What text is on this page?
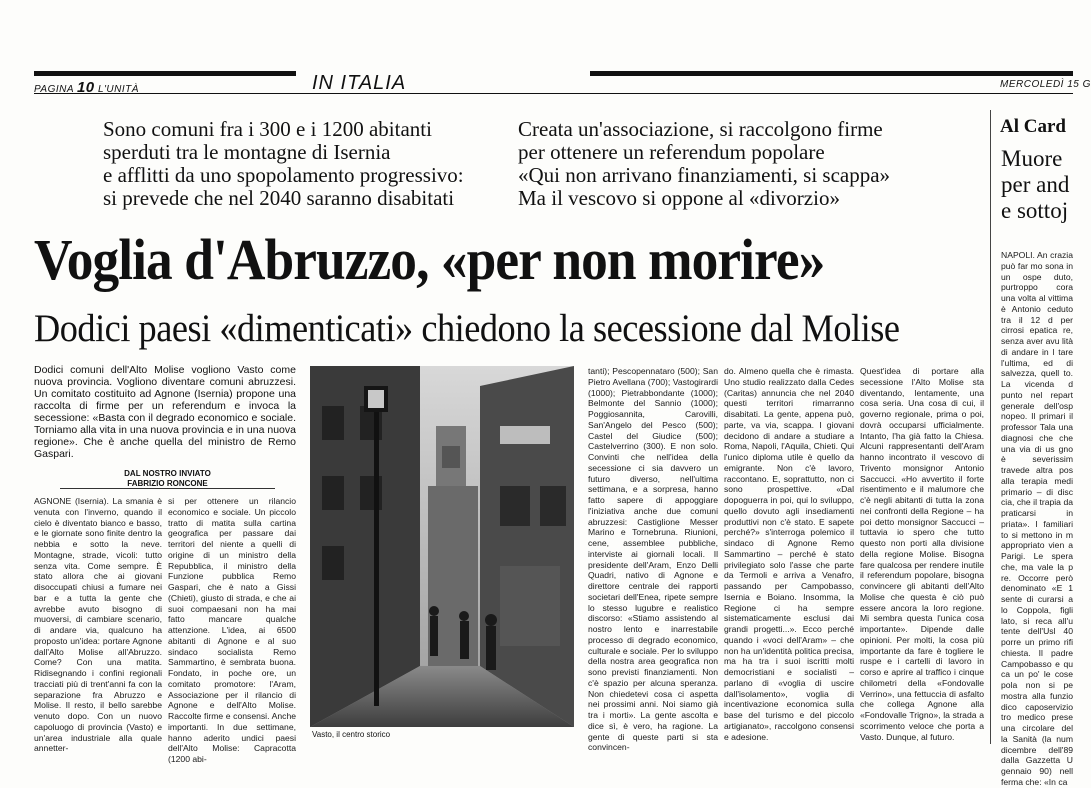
PAGINA 10 L'UNITÀ	IN ITALIA	MERCOLEDÌ 15 G
Sono comuni fra i 300 e i 1200 abitanti
sperduti tra le montagne di Isernia
e afflitti da uno spopolamento progressivo:
si prevede che nel 2040 saranno disabitati
Creata un'associazione, si raccolgono firme
per ottenere un referendum popolare
«Qui non arrivano finanziamenti, si scappa»
Ma il vescovo si oppone al «divorzio»
Al Card
Muore
per and
e sottoj

NAPOLI. An crazia può far mo sona in un ospe duto, purtroppo cora una volta al vittima è Antonio ceduto tra il 12 d per cirrosi epatica re, senza aver avu lità di andare in l tare l'ultima, ed di salvezza, quell to. La vicenda d punto nel repart generale dell'osp nopeo. Il primari il professor Tala una diagnosi che che una via di us gno è severissim travede altra pos alla terapia medi primario – di disc cia, che il trapia da praticarsi in priata». I familiari to si mettono in m appropriato vien a Parigi. Le spera che, ma vale la p re. Occorre però denominato «E 1 sente di curarsi a lo Coppola, figli lato, si reca all'u tente dell'Usl 40 porre un primo rifi chiesta. Il padre Campobasso e qu ca un po' le cose pola non si pe mostra alla funzio dico caposervizio tro medico prese una circolare del la Sanità (la num dicembre dell'89 dalla Gazzetta U gennaio 90) nell ferma che: «In ca

Voglia d'Abruzzo, «per non morire»
Dodici paesi «dimenticati» chiedono la secessione dal Molise
Dodici comuni dell'Alto Molise vogliono Vasto come nuova provincia. Vogliono diventare comuni abruzzesi. Un comitato costituito ad Agnone (Isernia) propone una raccolta di firme per un referendum e invoca la secessione: «Basta con il degrado economico e sociale. Torniamo alla vita in una nuova provincia e in una nuova regione». Che è anche quella del ministro de Remo Gaspari.
DAL NOSTRO INVIATO
FABRIZIO RONCONE

AGNONE (Isernia). La smania è venuta con l'inverno, quando il cielo è diventato bianco e basso, e le giornate sono finite dentro la nebbia e sotto la neve. Montagne, strade, vicoli: tutto senza vita. Come sempre. È stato allora che ai giovani disoccupati chiusi a fumare nei bar e a tutta la gente che avrebbe avuto bisogno di muoversi, di cambiare scenario, di andare via, qualcuno ha proposto un'idea: portare Agnone dall'Alto Molise all'Abruzzo. Come? Con una matita. Ridisegnando i confini regionali tracciati più di trent'anni fa con la separazione fra Abruzzo e Molise. Il resto, il bello sarebbe venuto dopo. Con un nuovo capoluogo di provincia (Vasto) e un'area industriale alla quale annetter-

si per ottenere un rilancio economico e sociale. Un piccolo tratto di matita sulla cartina geografica per passare dai territori del niente a quelli di origine di un ministro della Repubblica, il ministro della Funzione pubblica Remo Gaspari, che è nato a Gissi (Chieti), giusto di strada, e che ai suoi compaesani non ha mai fatto mancare qualche attenzione. L'idea, ai 6500 abitanti di Agnone e al suo sindaco socialista Remo Sammartino, è sembrata buona. Fondato, in poche ore, un comitato promotore: l'Aram, Associazione per il rilancio di Agnone e dell'Alto Molise. Raccolte firme e consensi. Anche importanti. In due settimane, hanno aderito undici paesi dell'Alto Molise: Capracotta (1200 abi-

tanti); Pescopennataro (500); San Pietro Avellana (700); Vastogirardi (1000); Pietrabbondante (1000); Belmonte del Sannio (1000); Poggiosannita, Carovilli, San'Angelo del Pesco (500); Castel del Giudice (500); Castelverrino (300). E non solo. Convinti che nell'idea della secessione ci sia davvero un futuro diverso, nell'ultima settimana, e a sorpresa, hanno fatto sapere di appoggiare l'iniziativa anche due comuni abruzzesi: Castiglione Messer Marino e Tornebruna. Riunioni, cene, assemblee pubbliche, interviste ai giornali locali. Il presidente dell'Aram, Enzo Delli Quadri, nativo di Agnone e direttore centrale dei rapporti societari dell'Enea, ripete sempre lo stesso lugubre e realistico discorso: «Stiamo assistendo al nostro lento e inarrestabile processo di degrado economico, culturale e sociale. Per lo sviluppo della nostra area geografica non sono previsti finanziamenti. Non c'è spazio per alcuna speranza. Non chiedetevi cosa ci aspetta nei prossimi anni. Noi siamo già tra i morti». La gente ascolta e dice sì, è vero, ha ragione. La gente di queste parti si sta convincen-

do. Almeno quella che è rimasta. Uno studio realizzato dalla Cedes (Caritas) annuncia che nel 2040 questi territori rimarranno disabitati. La gente, appena può, parte, va via, scappa. I giovani decidono di andare a studiare a Roma, Napoli, l'Aquila, Chieti. Qui l'unico diploma utile è quello da emigrante. Non c'è lavoro, raccontano. E, soprattutto, non ci sono prospettive. «Dal dopoguerra in poi, qui lo sviluppo, quello dovuto agli insediamenti produttivi non c'è stato. E sapete perché?» s'interroga polemico il sindaco di Agnone Remo Sammartino – perché è stato privilegiato solo l'asse che parte da Termoli e arriva a Venafro, passando per Campobasso, Isernia e Boiano. Insomma, la Regione ci ha sempre sistematicamente esclusi dai grandi progetti...». Ecco perché quando i «voci dell'Aram» – che non ha un'identità politica precisa, ma ha tra i suoi iscritti molti democristiani e socialisti – parlano di «voglia di uscire dall'isolamento», voglia di incentivazione economica sulla base del turismo e del piccolo artigianato», raccolgono consensi e adesione.

Quest'idea di portare alla secessione l'Alto Molise sta diventando, lentamente, una cosa seria. Una cosa di cui, il governo regionale, prima o poi, dovrà occuparsi ufficialmente. Intanto, l'ha già fatto la Chiesa. Alcuni rappresentanti dell'Aram hanno incontrato il vescovo di Trivento monsignor Antonio Saccucci. «Ho avvertito il forte risentimento e il malumore che c'è negli abitanti di tutta la zona nei confronti della Regione – ha poi detto monsignor Saccucci – tuttavia io spero che tutto questo non porti alla divisione della regione Molise. Bisogna fare qualcosa per rendere inutile il referendum popolare, bisogna convincere gli abitanti dell'Alto Molise che questa è ciò può essere ancora la loro regione. Mi sembra questa l'unica cosa importante». Dipende dalle opinioni. Per molti, la cosa più importante da fare è togliere le ruspe e i cartelli di lavoro in corso e aprire al traffico i cinque chilometri della «Fondovalle Verrino», una fettuccia di asfalto che collega Agnone alla «Fondovalle Trigno», la strada a scorrimento veloce che porta a Vasto. Dunque, al futuro.

Vasto, il centro storico
